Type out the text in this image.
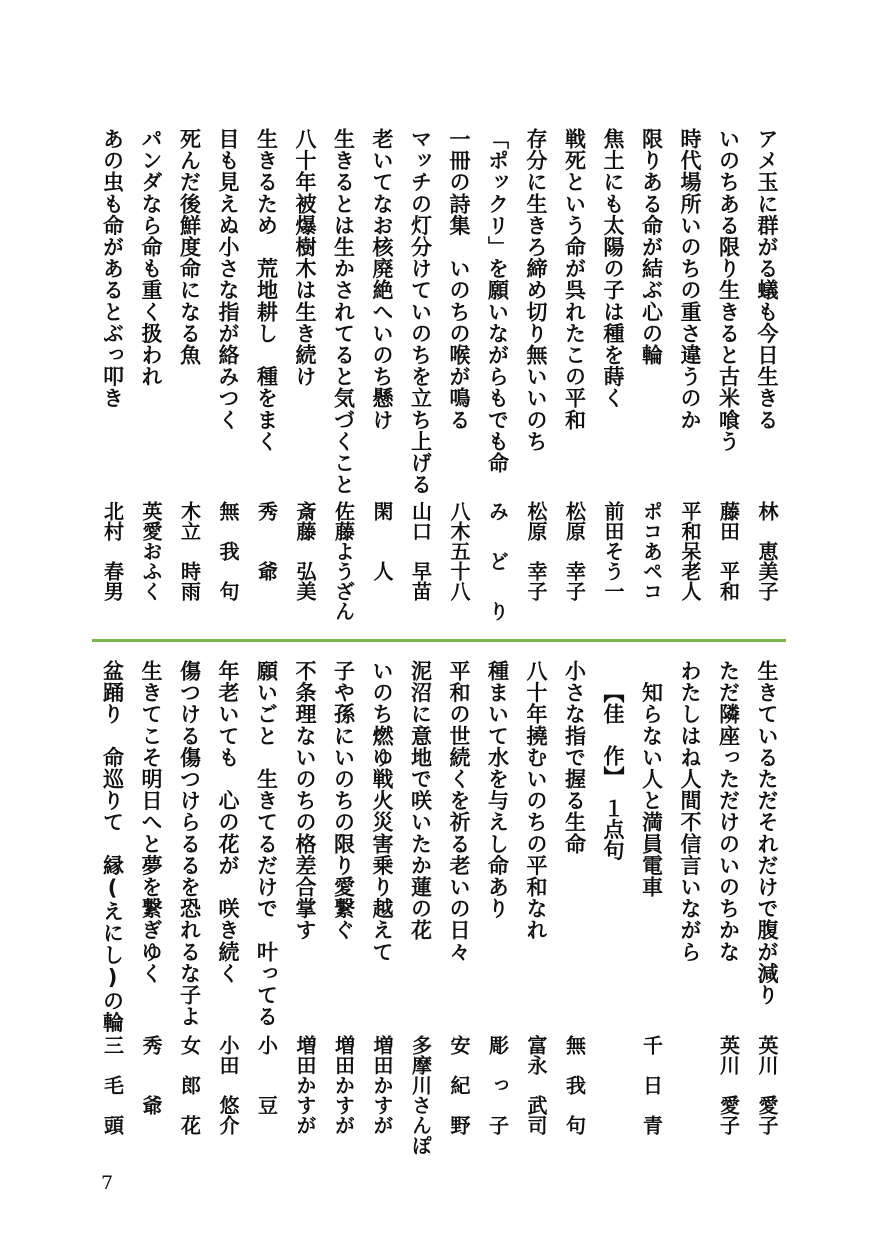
アメ玉に群がる蟻も今日生きる
林　恵美子
いのちある限り生きると古米喰う
藤田　平和
時代場所いのちの重さ違うのか
平和呆老人
限りある命が結ぶ心の輪
ポコあペコ
焦土にも太陽の子は種を蒔く
前田そう一
戦死という命が呉れたこの平和
松原　幸子
存分に生きろ締め切り無いいのち
松原　幸子
「ポックリ」を願いながらもでも命
みどり
一冊の詩集　いのちの喉が鳴る
八木五十八
マッチの灯分けていのちを立ち上げる
山口　早苗
老いてなお核廃絶へいのち懸け
閑　　人
生きるとは生かされてると気づくこと
佐藤ようざん
八十年被爆樹木は生き続け
斎藤　弘美
生きるため　荒地耕し　種をまく
秀　　爺
目も見えぬ小さな指が絡みつく
無　我　句
死んだ後鮮度命になる魚
木立　時雨
パンダなら命も重く扱われ
英愛おふく
あの虫も命があるとぶっ叩き
北村　春男
生きているただそれだけで腹が減り
英川　愛子
ただ隣座っただけのいのちかな
英川　愛子
わたしはね人間不信言いながら
　知らない人と満員電車
千　日　青
【佳　作】　１点句
小さな指で握る生命
無　我　句
八十年撓むいのちの平和なれ
富永　武司
種まいて水を与えし命あり
彫　っ　子
平和の世続くを祈る老いの日々
安　紀　野
泥沼に意地で咲いたか蓮の花
多摩川さんぽ
いのち燃ゆ戦火災害乗り越えて
増田かすが
子や孫にいのちの限り愛繋ぐ
増田かすが
不条理ないのちの格差合掌す
増田かすが
願いごと　生きてるだけで　叶ってる
小　　豆
年老いても　心の花が　咲き続く
小田　悠介
傷つける傷つけらるるを恐れるな子よ
女　郎　花
生きてこそ明日へと夢を繋ぎゆく
秀　　爺
盆踊り　命巡りて　縁(えにし)の輪
三　毛　頭
7
